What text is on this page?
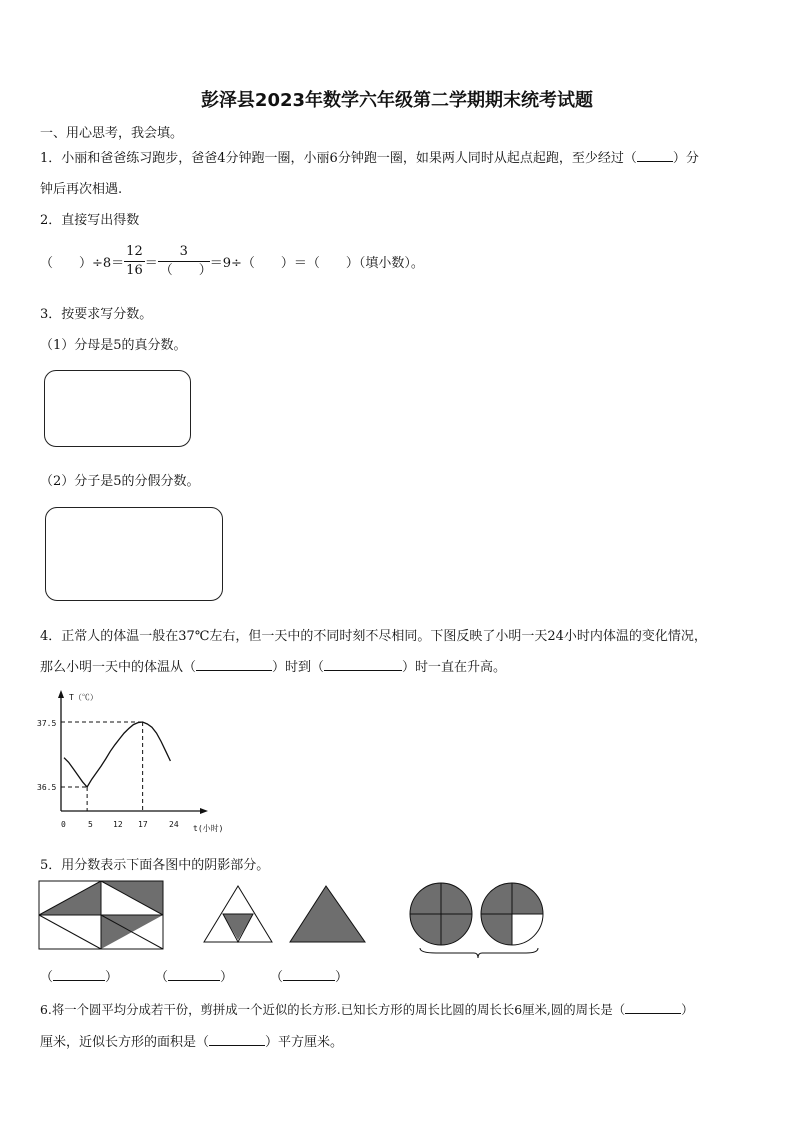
彭泽县2023年数学六年级第二学期期末统考试题
一、用心思考，我会填。
1．小丽和爸爸练习跑步，爸爸4分钟跑一圈，小丽6分钟跑一圈，如果两人同时从起点起跑，至少经过（	）分
钟后再次相遇.
2．直接写出得数
（　　）$\div 8= \frac{12}{16} = \frac{3}{( )} =9\div$（　　）＝（　　）（填小数）。
3．按要求写分数。
（1）分母是5的真分数。
（2）分子是5的分假分数。
4．正常人的体温一般在37℃左右，但一天中的不同时刻不尽相同。下图反映了小明一天24小时内体温的变化情况，
那么小明一天中的体温从（	）时到（	）时一直在升高。
T（℃）
t(小时)
37.5
36.5
0	5	12 17	24
5．用分数表示下面各图中的阴影部分。
（	）	（	）	（	）
6.将一个圆平均分成若干份，剪拼成一个近似的长方形.已知长方形的周长比圆的周长长6厘米,圆的周长是（	）
厘米，近似长方形的面积是（	）平方厘米。
